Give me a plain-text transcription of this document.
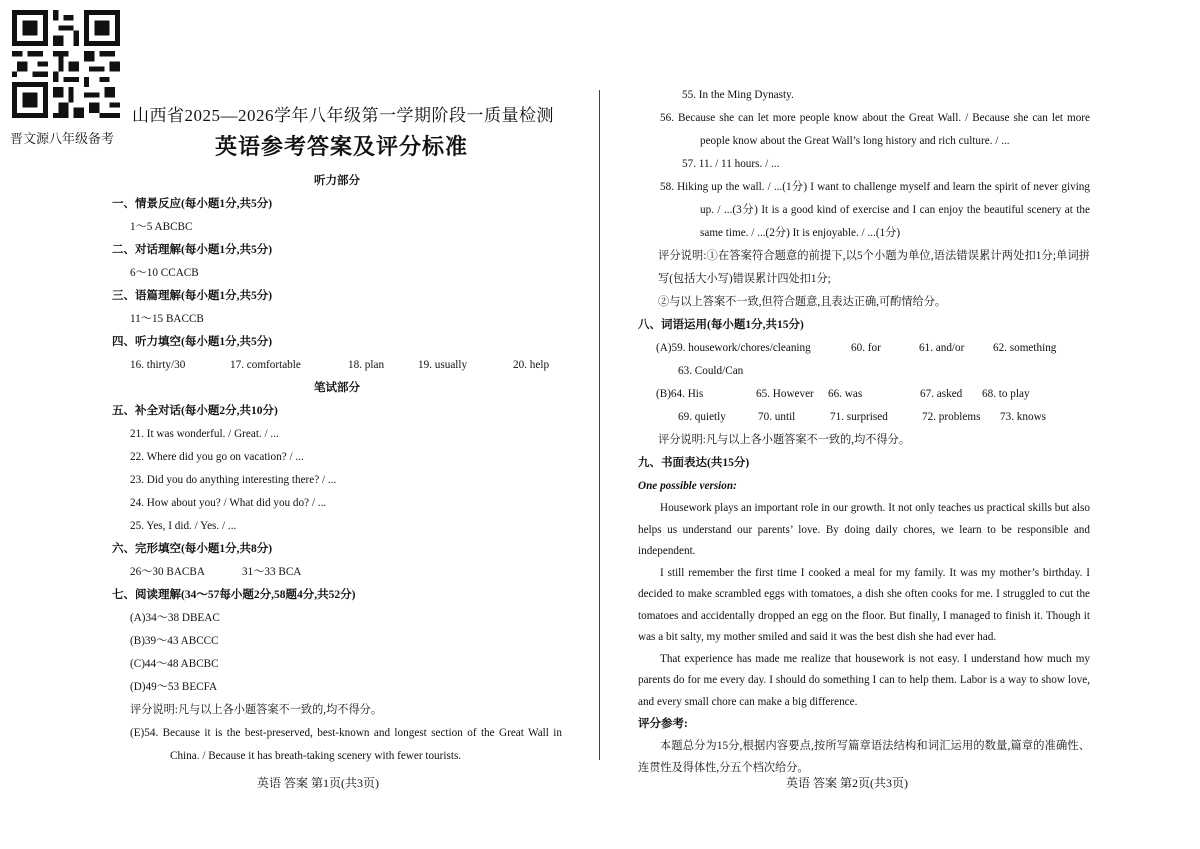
山西省2025—2026学年八年级第一学期阶段一质量检测
晋文源八年级备考	英语参考答案及评分标准
听力部分
一、情景反应(每小题1分,共5分)
1～5 ABCBC
二、对话理解(每小题1分,共5分)
6～10 CCACB
三、语篇理解(每小题1分,共5分)
11～15 BACCB
四、听力填空(每小题1分,共5分)
16. thirty/30	17. comfortable	18. plan	19. usually	20. help
笔试部分
五、补全对话(每小题2分,共10分)
21. It was wonderful. / Great. / ...
22. Where did you go on vacation? / ...
23. Did you do anything interesting there? / ...
24. How about you? / What did you do? / ...
25. Yes, I did. / Yes. / ...
六、完形填空(每小题1分,共8分)
26～30 BACBA	31～33 BCA
七、阅读理解(34～57每小题2分,58题4分,共52分)
(A)34～38 DBEAC
(B)39～43 ABCCC
(C)44～48 ABCBC
(D)49～53 BECFA
评分说明:凡与以上各小题答案不一致的,均不得分。
(E)54. Because it is the best-preserved, best-known and longest section of the Great Wall in China. / Because it has breath-taking scenery with fewer tourists.
55. In the Ming Dynasty.
56. Because she can let more people know about the Great Wall. / Because she can let more people know about the Great Wall’s long history and rich culture. / ...
57. 11. / 11 hours. / ...
58. Hiking up the wall. / ...(1分) I want to challenge myself and learn the spirit of never giving up. / ...(3分) It is a good kind of exercise and I can enjoy the beautiful scenery at the same time. / ...(2分) It is enjoyable. / ...(1分)
评分说明:①在答案符合题意的前提下,以5个小题为单位,语法错误累计两处扣1分;单词拼写(包括大小写)错误累计四处扣1分;
②与以上答案不一致,但符合题意,且表达正确,可酌情给分。
八、词语运用(每小题1分,共15分)
(A)59. housework/chores/cleaning	60. for	61. and/or	62. something
63. Could/Can
(B)64. His	65. However	66. was	67. asked	68. to play
69. quietly	70. until	71. surprised	72. problems	73. knows
评分说明:凡与以上各小题答案不一致的,均不得分。
九、书面表达(共15分)
One possible version:
Housework plays an important role in our growth. It not only teaches us practical skills but also helps us understand our parents’ love. By doing daily chores, we learn to be responsible and independent.
I still remember the first time I cooked a meal for my family. It was my mother’s birthday. I decided to make scrambled eggs with tomatoes, a dish she often cooks for me. I struggled to cut the tomatoes and accidentally dropped an egg on the floor. But finally, I managed to finish it. Though it was a bit salty, my mother smiled and said it was the best dish she had ever had.
That experience has made me realize that housework is not easy. I understand how much my parents do for me every day. I should do something I can to help them. Labor is a way to show love, and every small chore can make a big difference.
评分参考:
本题总分为15分,根据内容要点,按所写篇章语法结构和词汇运用的数量,篇章的准确性、连贯性及得体性,分五个档次给分。
英语 答案 第1页(共3页)	英语 答案 第2页(共3页)
